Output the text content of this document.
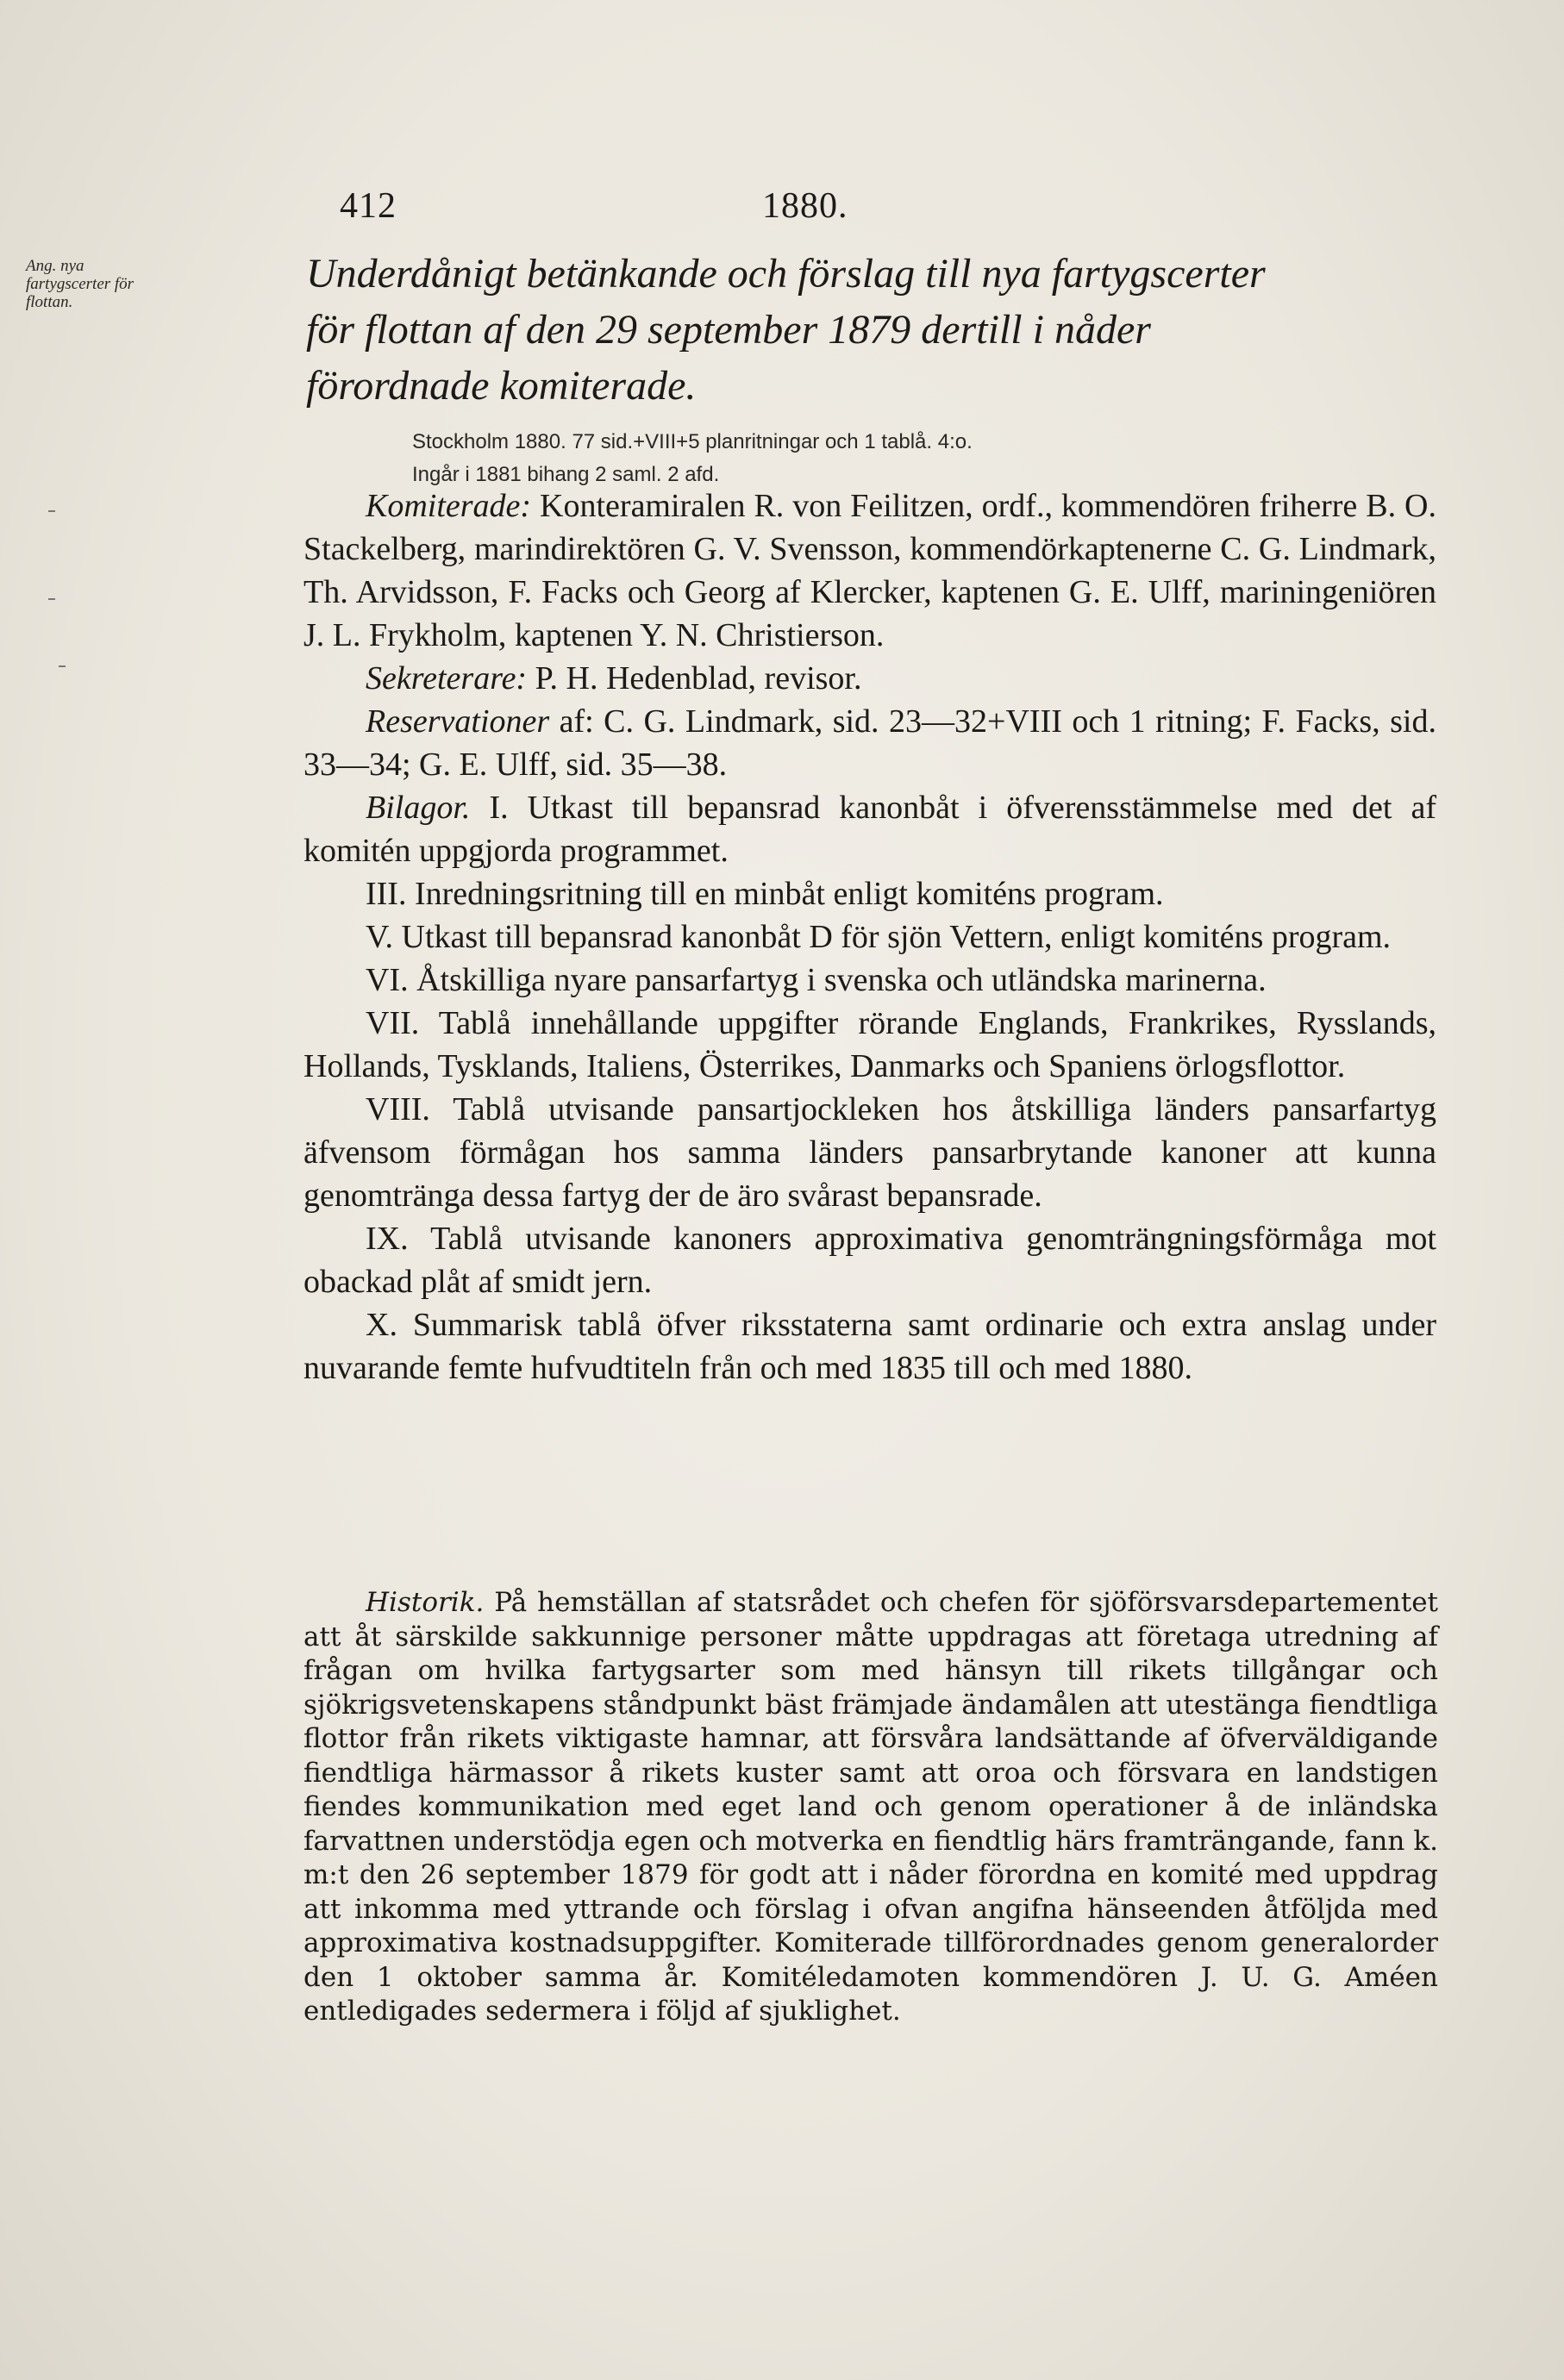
412	1880.
Ang. nya fartygscerter för flottan.
Underdånigt betänkande och förslag till nya fartygscerter
för flottan af den 29 september 1879 dertill i nåder
förordnade komiterade.
Stockholm 1880. 77 sid.+VIII+5 planritningar och 1 tablå. 4:o.
Ingår i 1881 bihang 2 saml. 2 afd.

Komiterade: Konteramiralen R. von Feilitzen, ordf., kommendören friherre B. O. Stackelberg, marindirektören G. V. Svensson, kommendörkaptenerne C. G. Lindmark, Th. Arvidsson, F. Facks och Georg af Klercker, kaptenen G. E. Ulff, mariningeniören J. L. Frykholm, kaptenen Y. N. Christierson.

Sekreterare: P. H. Hedenblad, revisor.

Reservationer af: C. G. Lindmark, sid. 23—32+VIII och 1 ritning; F. Facks, sid. 33—34; G. E. Ulff, sid. 35—38.

Bilagor. I. Utkast till bepansrad kanonbåt i öfverensstämmelse med det af komitén uppgjorda programmet.

III. Inredningsritning till en minbåt enligt komiténs program.

V. Utkast till bepansrad kanonbåt D för sjön Vettern, enligt komiténs program.

VI. Åtskilliga nyare pansarfartyg i svenska och utländska marinerna.

VII. Tablå innehållande uppgifter rörande Englands, Frankrikes, Rysslands, Hollands, Tysklands, Italiens, Österrikes, Danmarks och Spaniens örlogsflottor.

VIII. Tablå utvisande pansartjockleken hos åtskilliga länders pansarfartyg äfvensom förmågan hos samma länders pansarbrytande kanoner att kunna genomtränga dessa fartyg der de äro svårast bepansrade.

IX. Tablå utvisande kanoners approximativa genomträngningsförmåga mot obackad plåt af smidt jern.

X. Summarisk tablå öfver riksstaterna samt ordinarie och extra anslag under nuvarande femte hufvudtiteln från och med 1835 till och med 1880.

Historik. På hemställan af statsrådet och chefen för sjöförsvarsdepartementet att åt särskilde sakkunnige personer måtte uppdragas att företaga utredning af frågan om hvilka fartygsarter som med hänsyn till rikets tillgångar och sjökrigsvetenskapens ståndpunkt bäst främjade ändamålen att utestänga fiendtliga flottor från rikets viktigaste hamnar, att försvåra landsättande af öfverväldigande fiendtliga härmassor å rikets kuster samt att oroa och försvara en landstigen fiendes kommunikation med eget land och genom operationer å de inländska farvattnen understödja egen och motverka en fiendtlig härs framträngande, fann k. m:t den 26 september 1879 för godt att i nåder förordna en komité med uppdrag att inkomma med yttrande och förslag i ofvan angifna hänseenden åtföljda med approximativa kostnadsuppgifter. Komiterade tillförordnades genom generalorder den 1 oktober samma år. Komitéledamoten kommendören J. U. G. Améen entledigades sedermera i följd af sjuklighet.
